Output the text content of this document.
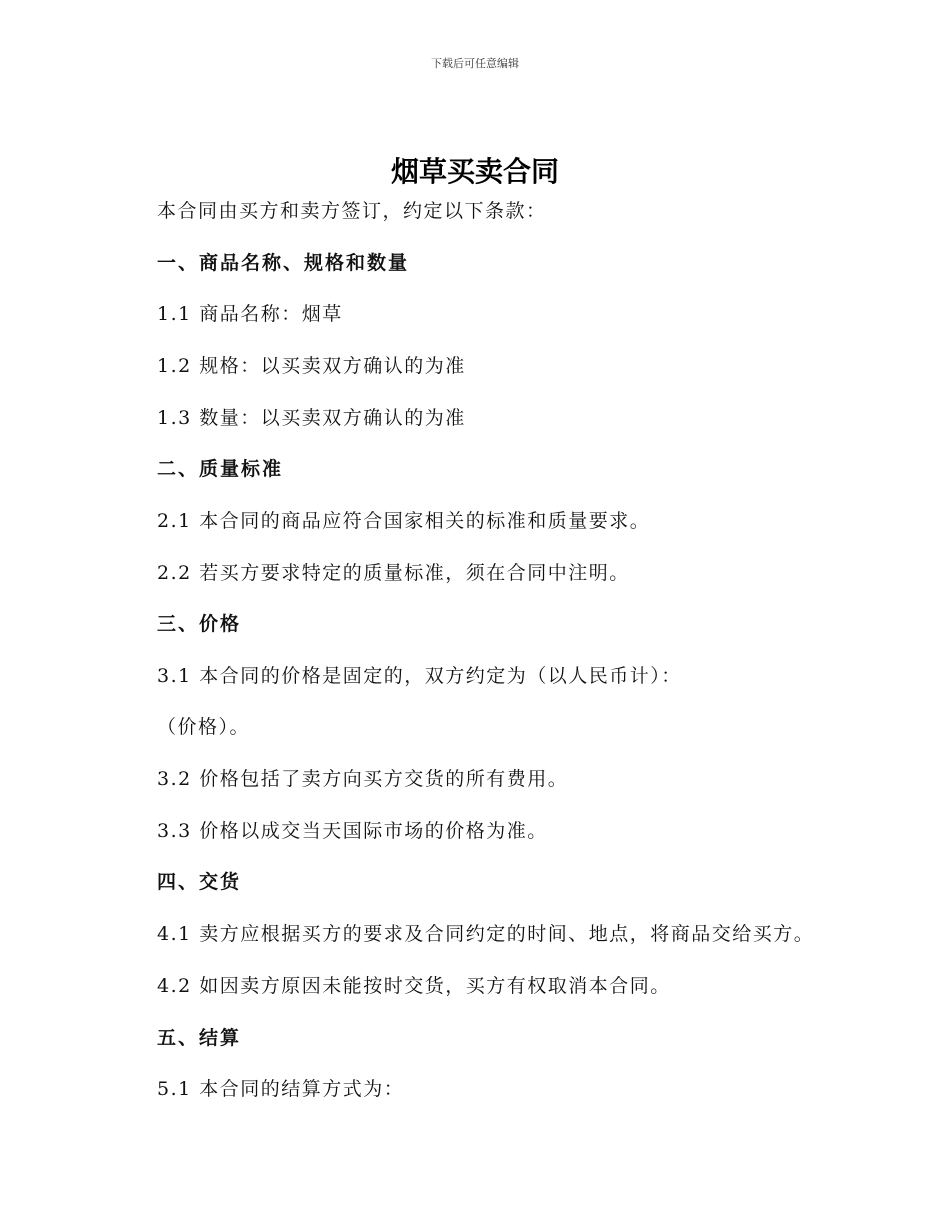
下载后可任意编辑
烟草买卖合同
本合同由买方和卖方签订，约定以下条款：
一、商品名称、规格和数量
1.1 商品名称：烟草
1.2 规格：以买卖双方确认的为准
1.3 数量：以买卖双方确认的为准
二、质量标准
2.1 本合同的商品应符合国家相关的标准和质量要求。
2.2 若买方要求特定的质量标准，须在合同中注明。
三、价格
3.1 本合同的价格是固定的，双方约定为（以人民币计）：
（价格）。
3.2 价格包括了卖方向买方交货的所有费用。
3.3 价格以成交当天国际市场的价格为准。
四、交货
4.1 卖方应根据买方的要求及合同约定的时间、地点，将商品交给买方。
4.2 如因卖方原因未能按时交货，买方有权取消本合同。
五、结算
5.1 本合同的结算方式为：
